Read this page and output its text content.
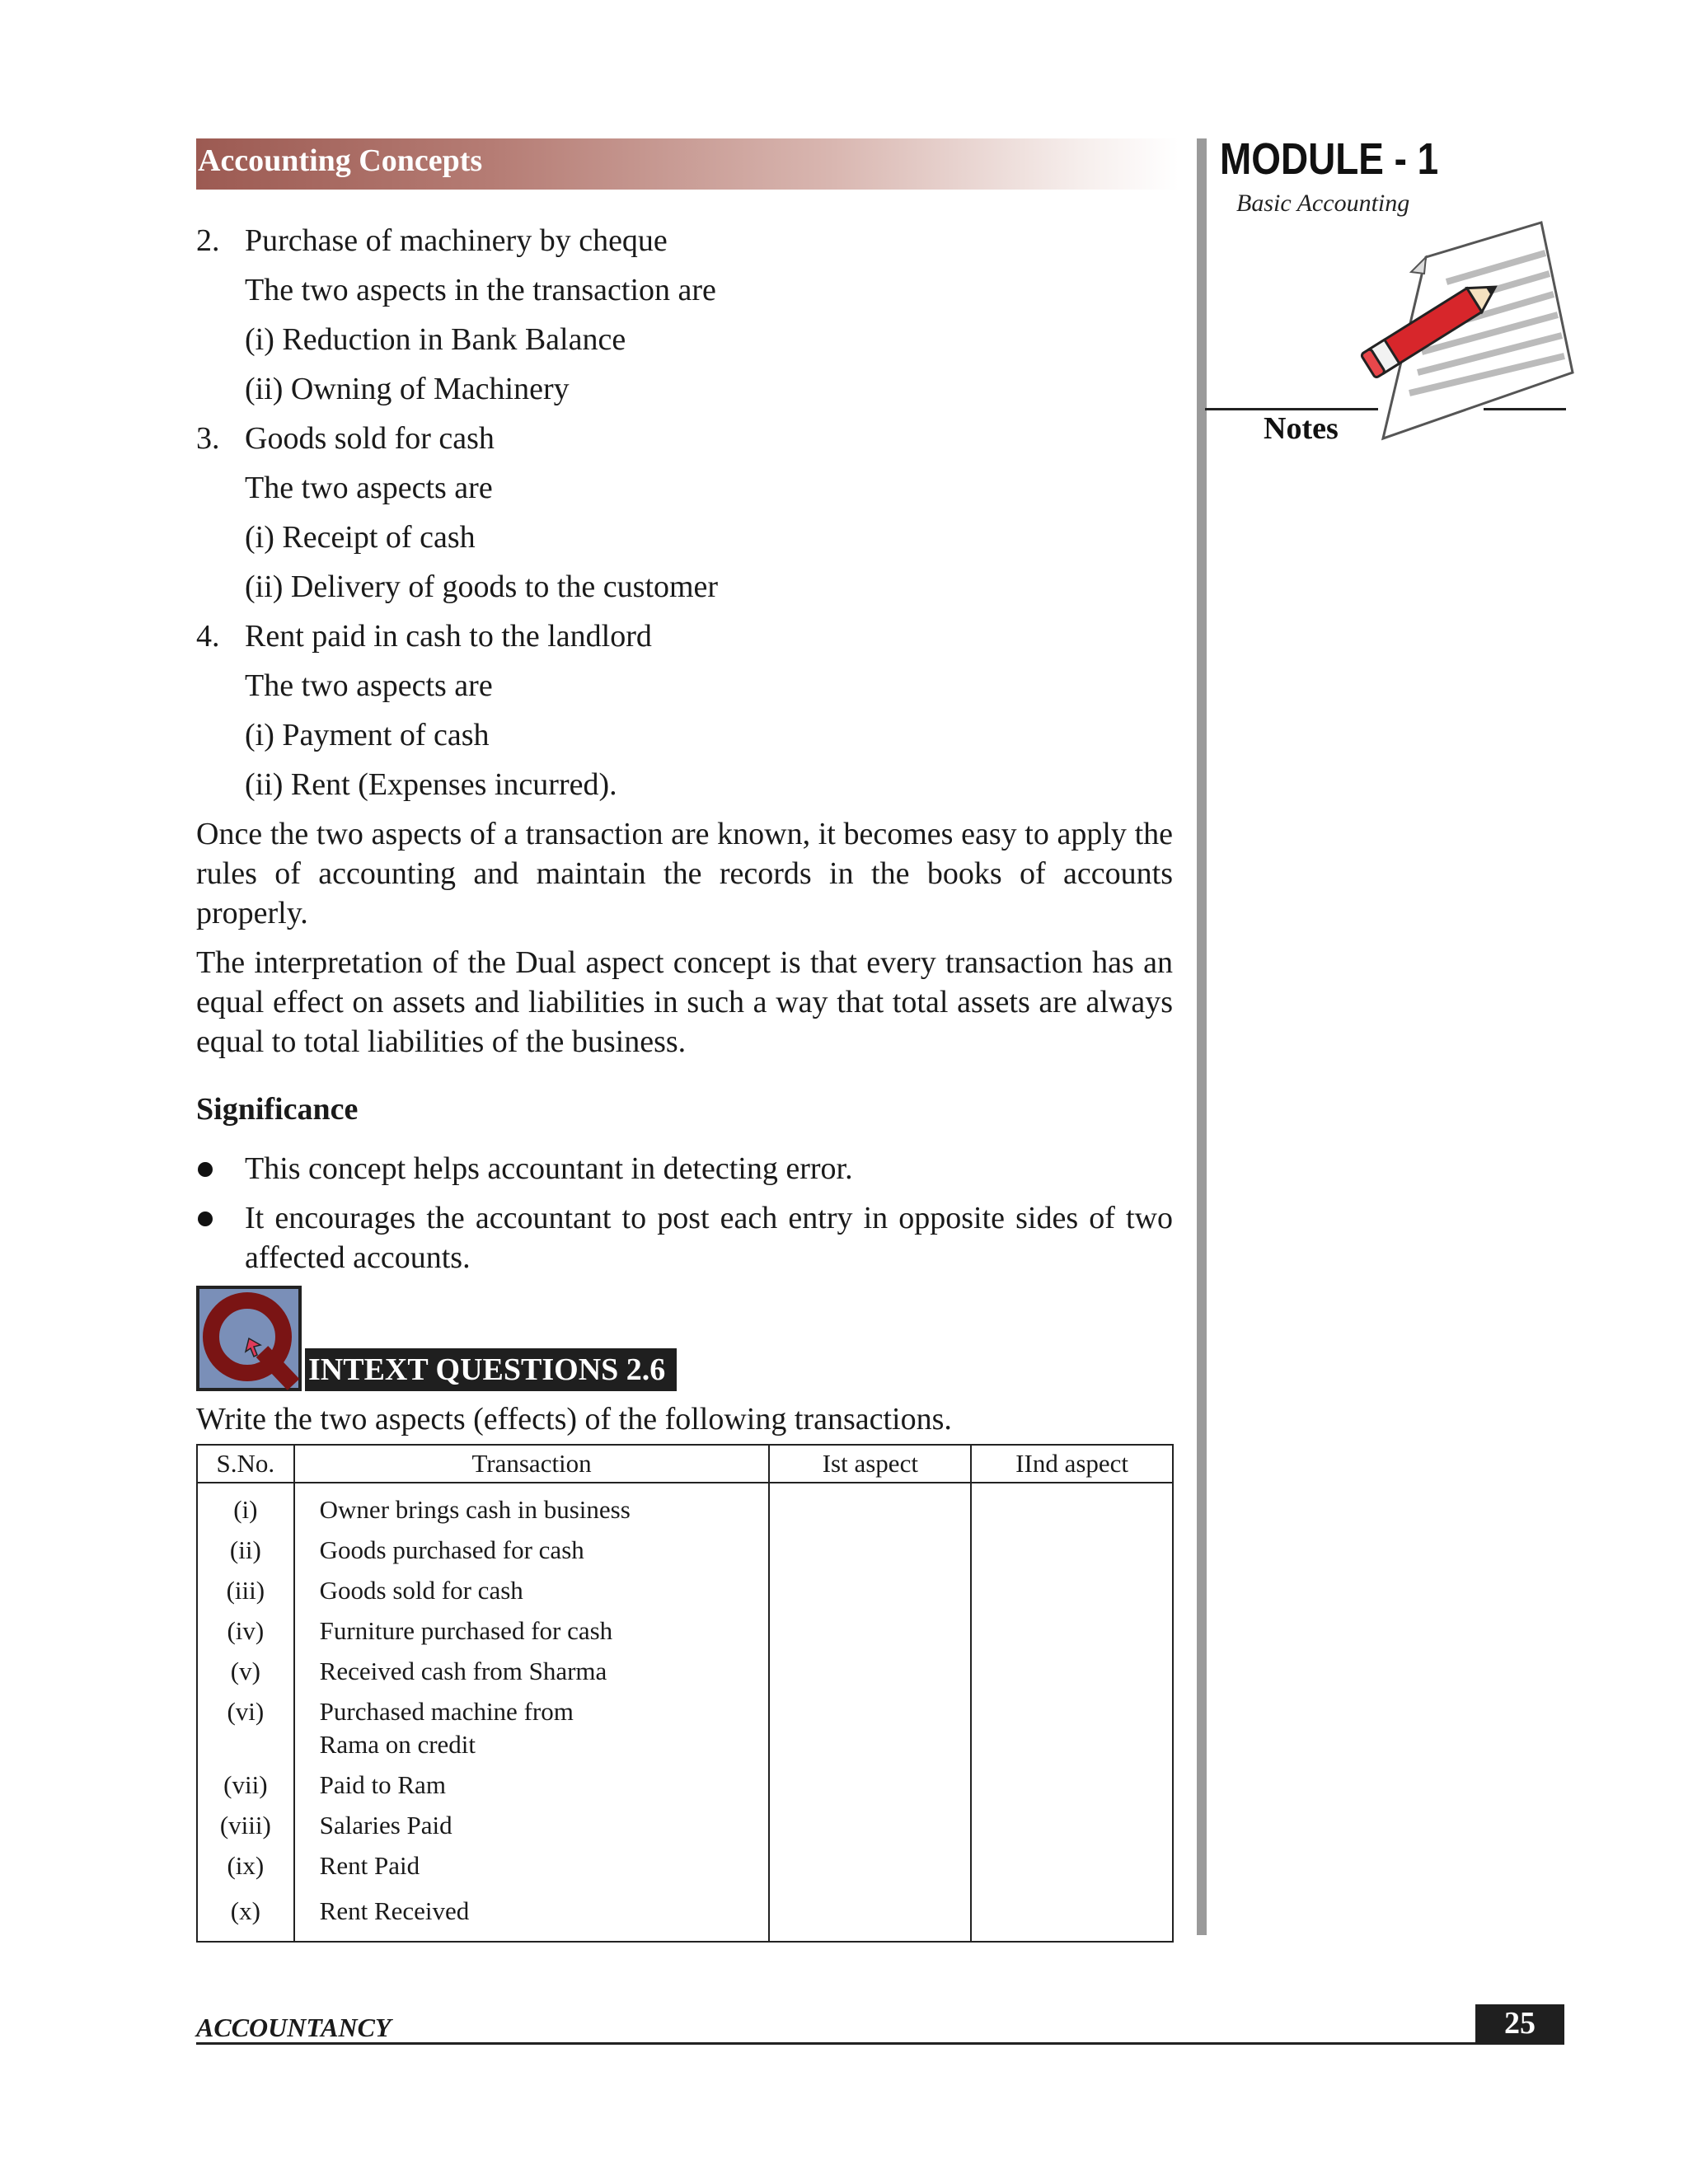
Accounting Concepts	MODULE - 1
Basic Accounting
Notes
2. Purchase of machinery by cheque
The two aspects in the transaction are
(i) Reduction in Bank Balance
(ii) Owning of Machinery
3. Goods sold for cash
The two aspects are
(i) Receipt of cash
(ii) Delivery of goods to the customer
4. Rent paid in cash to the landlord
The two aspects are
(i) Payment of cash
(ii) Rent (Expenses incurred).
Once the two aspects of a transaction are known, it becomes easy to apply the rules of accounting and maintain the records in the books of accounts properly.
The interpretation of the Dual aspect concept is that every transaction has an equal effect on assets and liabilities in such a way that total assets are always equal to total liabilities of the business.
Significance
This concept helps accountant in detecting error.
It encourages the accountant to post each entry in opposite sides of two affected accounts.
INTEXT QUESTIONS 2.6
Write the two aspects (effects) of the following transactions.
S.No.	Transaction	Ist aspect	IInd aspect
(i)	Owner brings cash in business		
(ii)	Goods purchased for cash		
(iii)	Goods sold for cash		
(iv)	Furniture purchased for cash		
(v)	Received cash from Sharma		
(vi)	Purchased machine from
Rama on credit		
(vii)	Paid to Ram		
(viii)	Salaries Paid		
(ix)	Rent Paid		
(x)	Rent Received		
ACCOUNTANCY	25
